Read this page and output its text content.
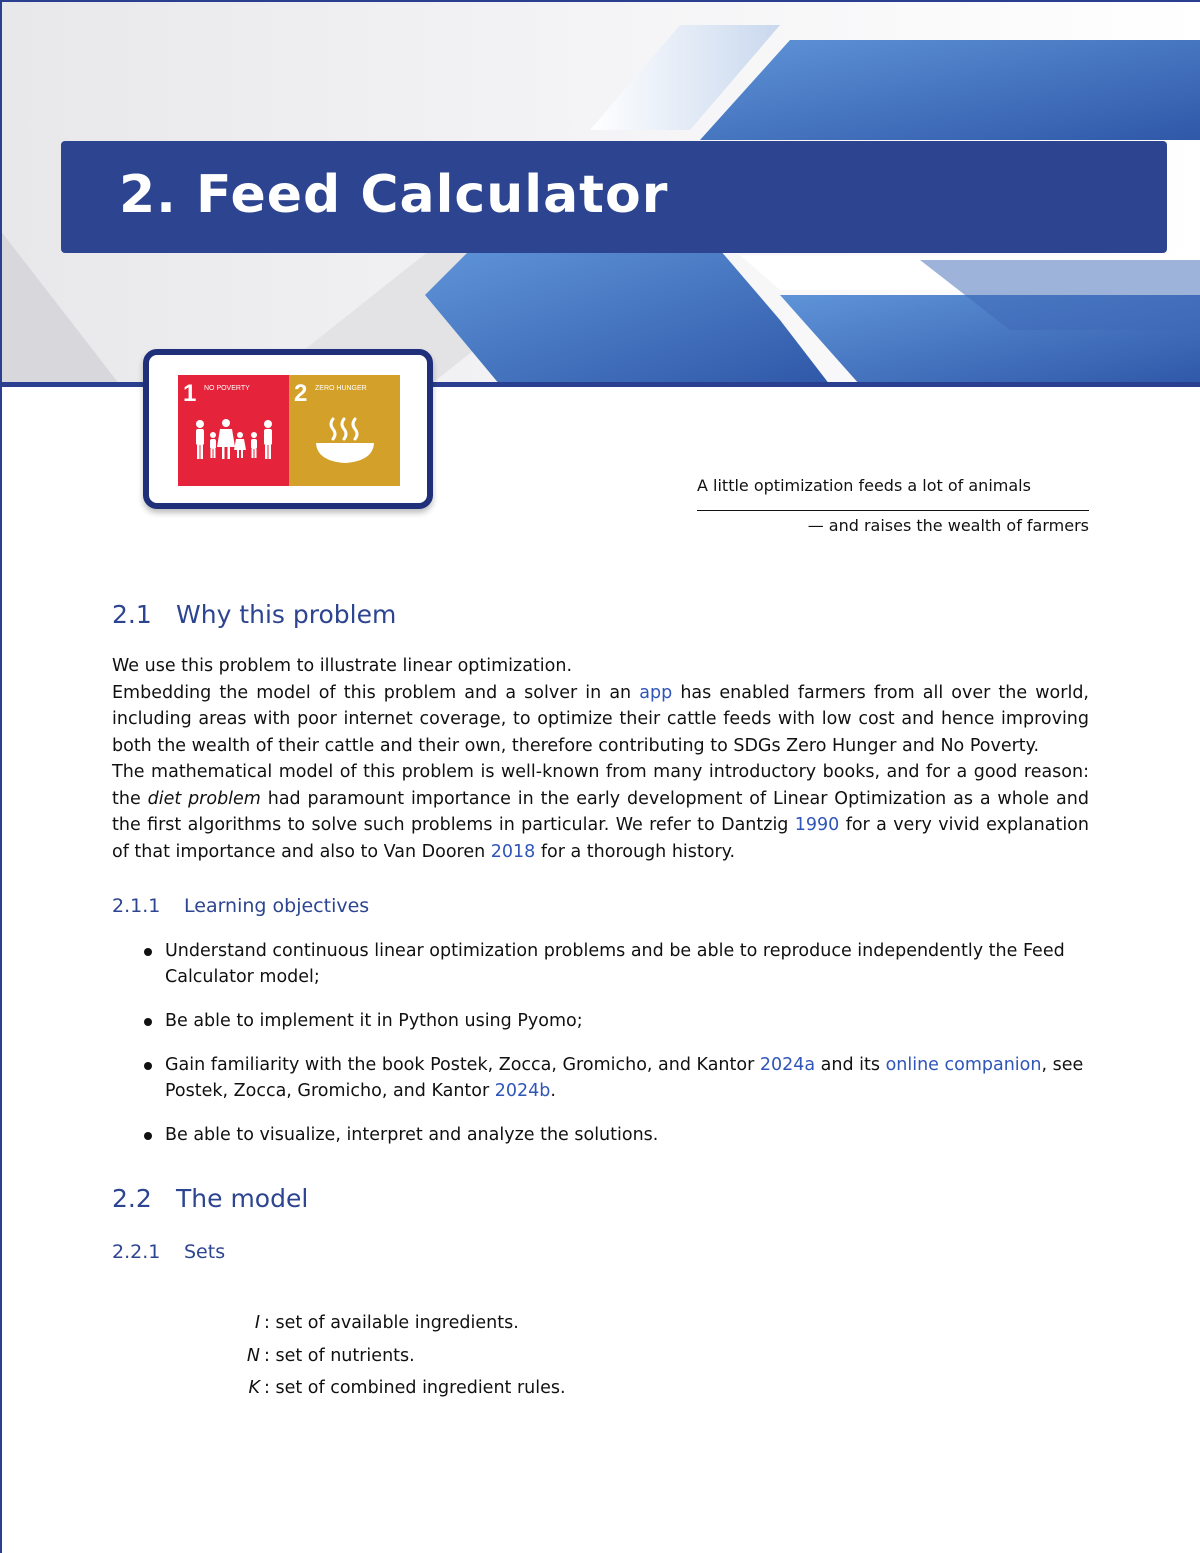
2. Feed Calculator
1 NO POVERTY	2 ZERO HUNGER

A little optimization feeds a lot of animals

— and raises the wealth of farmers
2.1 Why this problem

We use this problem to illustrate linear optimization.

Embedding the model of this problem and a solver in an app has enabled farmers from all over the world, including areas with poor internet coverage, to optimize their cattle feeds with low cost and hence improving both the wealth of their cattle and their own, therefore contributing to SDGs Zero Hunger and No Poverty.

The mathematical model of this problem is well-known from many introductory books, and for a good reason: the diet problem had paramount importance in the early development of Linear Optimization as a whole and the first algorithms to solve such problems in particular. We refer to Dantzig 1990 for a very vivid explanation of that importance and also to Van Dooren 2018 for a thorough history.

2.1.1 Learning objectives
Understand continuous linear optimization problems and be able to reproduce independently the Feed Calculator model;
Be able to implement it in Python using Pyomo;
Gain familiarity with the book Postek, Zocca, Gromicho, and Kantor 2024a and its online companion, see Postek, Zocca, Gromicho, and Kantor 2024b.
Be able to visualize, interpret and analyze the solutions.
2.2 The model
2.2.1 Sets
I : set of available ingredients.
N : set of nutrients.
K : set of combined ingredient rules.
